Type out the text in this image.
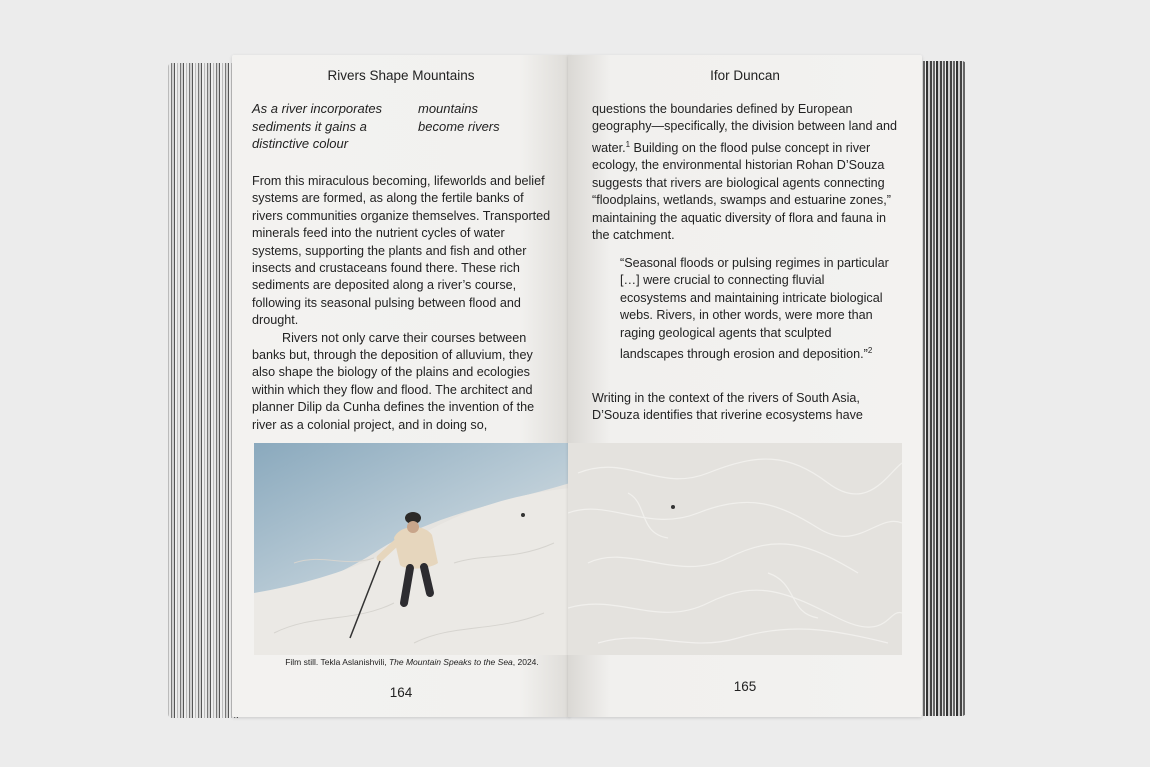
Rivers Shape Mountains
As a river incorporates sediments it gains a distinctive colour
mountains become rivers

From this miraculous becoming, lifeworlds and belief systems are formed, as along the fertile banks of rivers communities organize themselves. Transported minerals feed into the nutrient cycles of water systems, supporting the plants and fish and other insects and crustaceans found there. These rich sediments are deposited along a river’s course, following its seasonal pulsing between flood and drought.
Rivers not only carve their courses between banks but, through the deposition of alluvium, they also shape the biology of the plains and ecologies within which they flow and flood. The architect and planner Dilip da Cunha defines the invention of the river as a colonial project, and in doing so,

Film still. Tekla Aslanishvili, The Mountain Speaks to the Sea, 2024.
164
Ifor Duncan

questions the boundaries defined by European geography—specifically, the division between land and water.$^1$ Building on the flood pulse concept in river ecology, the environmental historian Rohan D’Souza suggests that rivers are biological agents connecting “floodplains, wetlands, swamps and estuarine zones,” maintaining the aquatic diversity of flora and fauna in the catchment.

“Seasonal floods or pulsing regimes in particular […] were crucial to connecting fluvial ecosystems and maintaining intricate biological webs. Rivers, in other words, were more than raging geological agents that sculpted landscapes through erosion and deposition.”$^2$

Writing in the context of the rivers of South Asia, D’Souza identifies that riverine ecosystems have

165
